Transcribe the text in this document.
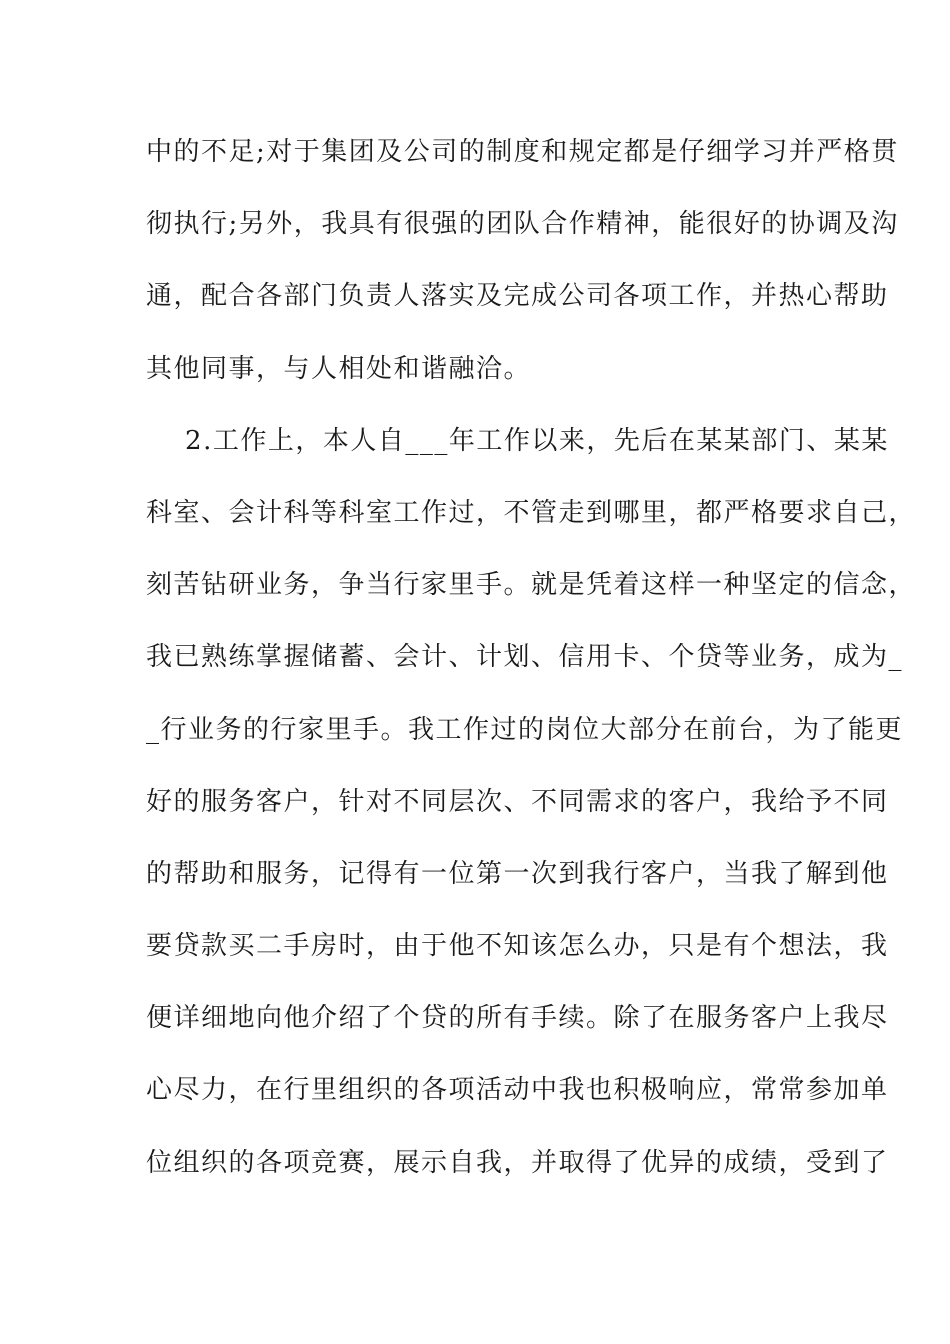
中的不足;对于集团及公司的制度和规定都是仔细学习并严格贯
彻执行;另外，我具有很强的团队合作精神，能很好的协调及沟
通，配合各部门负责人落实及完成公司各项工作，并热心帮助
其他同事，与人相处和谐融洽。
2.工作上，本人自___年工作以来，先后在某某部门、某某
科室、会计科等科室工作过，不管走到哪里，都严格要求自己，
刻苦钻研业务，争当行家里手。就是凭着这样一种坚定的信念，
我已熟练掌握储蓄、会计、计划、信用卡、个贷等业务，成为_
_行业务的行家里手。我工作过的岗位大部分在前台，为了能更
好的服务客户，针对不同层次、不同需求的客户，我给予不同
的帮助和服务，记得有一位第一次到我行客户，当我了解到他
要贷款买二手房时，由于他不知该怎么办，只是有个想法，我
便详细地向他介绍了个贷的所有手续。除了在服务客户上我尽
心尽力，在行里组织的各项活动中我也积极响应，常常参加单
位组织的各项竞赛，展示自我，并取得了优异的成绩，受到了
